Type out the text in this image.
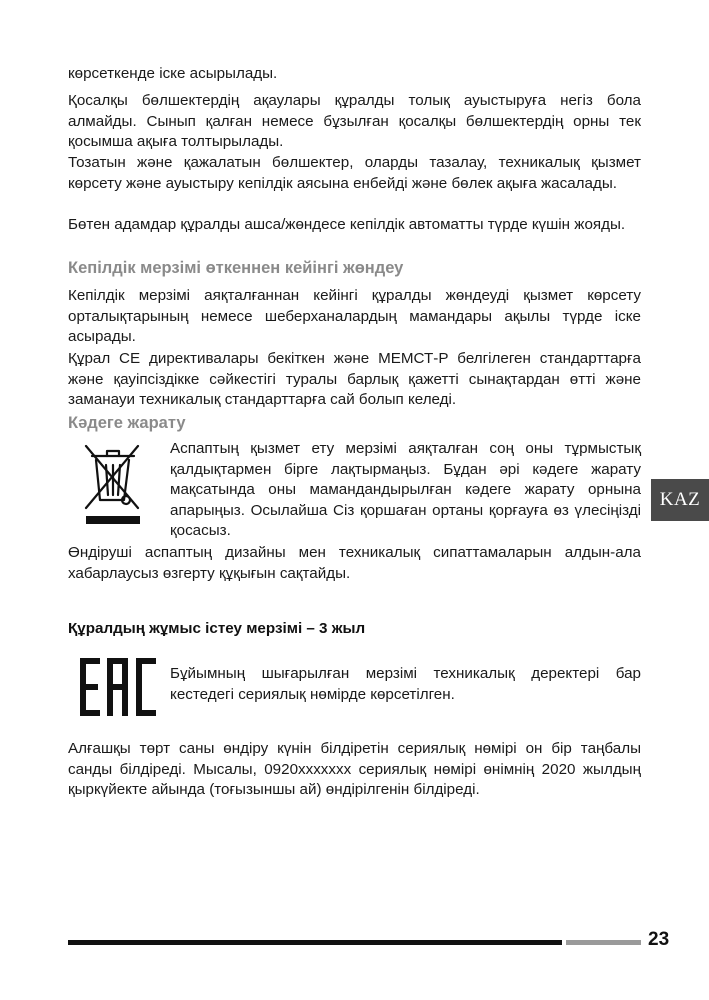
көрсеткенде іске асырылады.

Қосалқы бөлшектердің ақаулары құралды толық ауыстыруға негіз бола алмайды. Сынып қалған немесе бұзылған қосалқы бөлшектердің орны тек қосымша ақыға толтырылады.

Тозатын және қажалатын бөлшектер, оларды тазалау, техникалық қызмет көрсету және ауыстыру кепілдік аясына енбейді және бөлек ақыға жасалады.

Бөтен адамдар құралды ашса/жөндесе кепілдік автоматты түрде күшін жояды.

Кепілдік мерзімі өткеннен кейінгі жөндеу

Кепілдік мерзімі аяқталғаннан кейінгі құралды жөндеуді қызмет көрсету орталықтарының немесе шеберханалардың мамандары ақылы түрде іске асырады.

Құрал CE директивалары бекіткен және МЕМСТ-Р белгілеген стандарттарға және қауіпсіздікке сәйкестігі туралы барлық қажетті сынақтардан өтті және заманауи техникалық стандарттарға сай болып келеді.

Кәдеге жарату

Аспаптың қызмет ету мерзімі аяқталған соң оны тұрмыстық қалдықтармен бірге лақтырмаңыз. Бұдан әрі кәдеге жарату мақсатында оны мамандандырылған кәдеге жарату орнына апарыңыз. Осылайша Сіз қоршаған ортаны қорғауға өз үлесіңізді қосасыз.

Өндіруші аспаптың дизайны мен техникалық сипаттамаларын алдын-ала хабарлаусыз өзгерту құқығын сақтайды.

Құралдың жұмыс істеу мерзімі – 3 жыл

Бұйымның шығарылған мерзімі техникалық деректері бар кестедегі сериялық нөмірде көрсетілген.

Алғашқы төрт саны өндіру күнін білдіретін сериялық нөмірі он бір таңбалы санды білдіреді. Мысалы, 0920xxxxxxx сериялық нөмірі өнімнің 2020 жылдың қыркүйекте айында (тоғызыншы ай) өндірілгенін білдіреді.

KAZ
23
